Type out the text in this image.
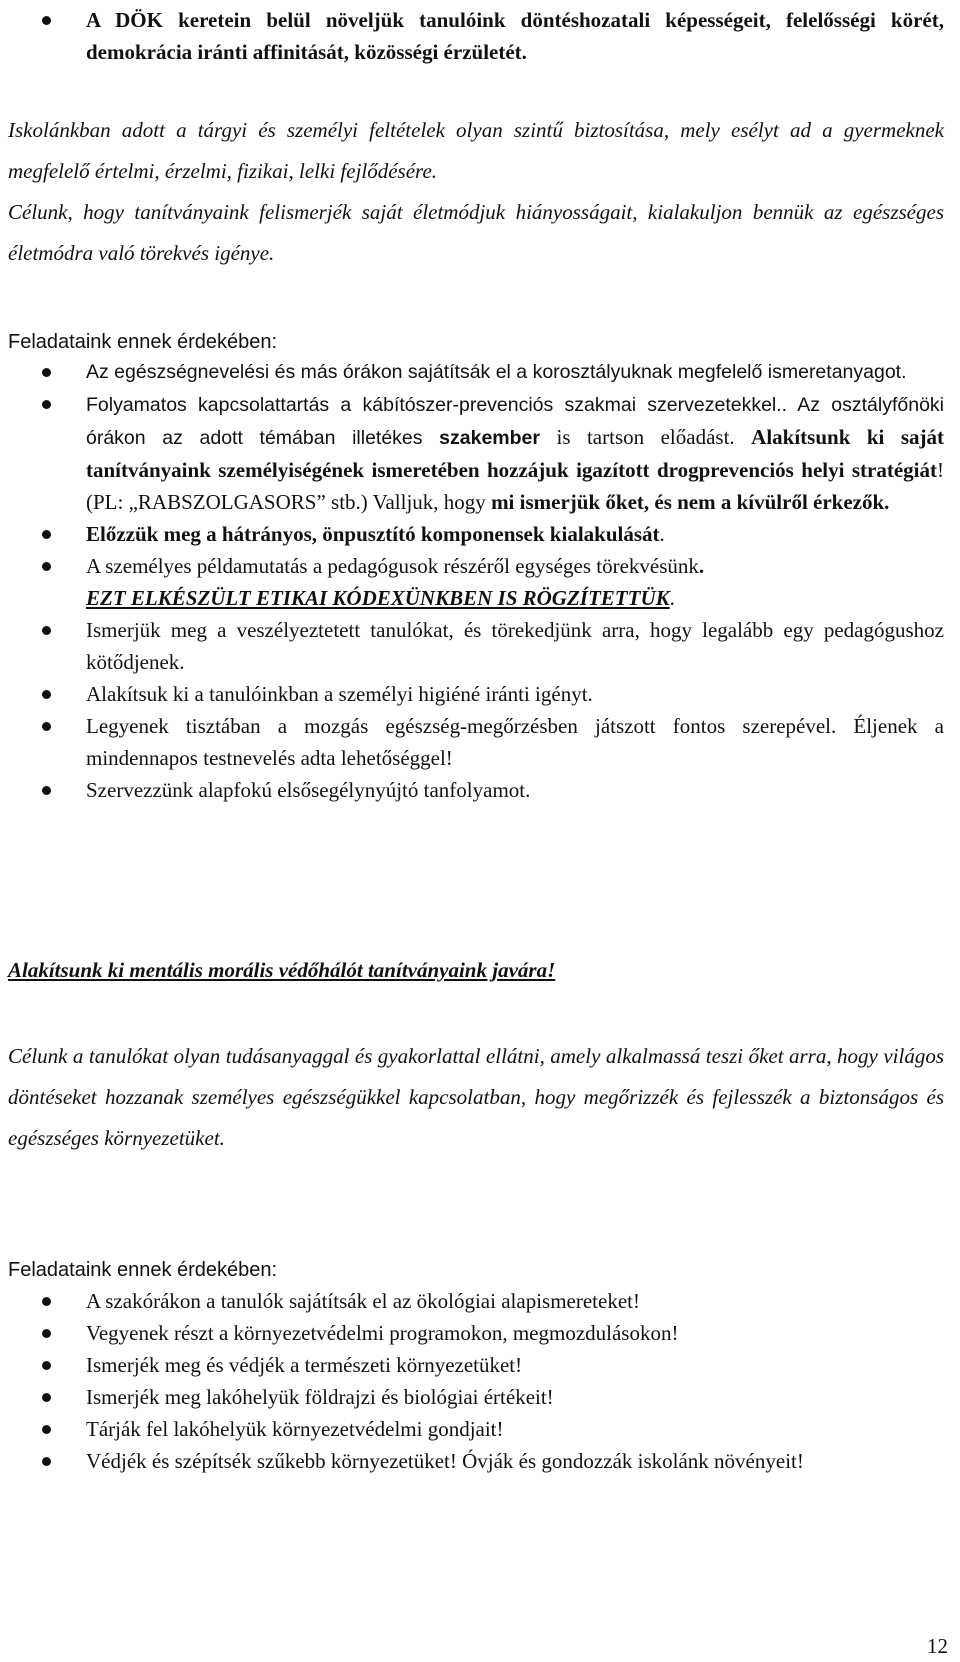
A DÖK keretein belül növeljük tanulóink döntéshozatali képességeit, felelősségi körét, demokrácia iránti affinitását, közösségi érzületét.

Iskolánkban adott a tárgyi és személyi feltételek olyan szintű biztosítása, mely esélyt ad a gyermeknek megfelelő értelmi, érzelmi, fizikai, lelki fejlődésére.

Célunk, hogy tanítványaink felismerjék saját életmódjuk hiányosságait, kialakuljon bennük az egészséges életmódra való törekvés igénye.

Feladataink ennek érdekében:

Az egészségnevelési és más órákon sajátítsák el a korosztályuknak megfelelő ismeretanyagot.
Folyamatos kapcsolattartás a kábítószer-prevenciós szakmai szervezetekkel.. Az osztályfőnöki órákon az adott témában illetékes szakember is tartson előadást. Alakítsunk ki saját tanítványaink személyiségének ismeretében hozzájuk igazított drogprevenciós helyi stratégiát! (PL: „RABSZOLGASORS” stb.) Valljuk, hogy mi ismerjük őket, és nem a kívülről érkezők.
Előzzük meg a hátrányos, önpusztító komponensek kialakulását.
A személyes példamutatás a pedagógusok részéről egységes törekvésünk.
EZT ELKÉSZÜLT ETIKAI KÓDEXÜNKBEN IS RÖGZÍTETTÜK.
Ismerjük meg a veszélyeztetett tanulókat, és törekedjünk arra, hogy legalább egy pedagógushoz kötődjenek.
Alakítsuk ki a tanulóinkban a személyi higiéné iránti igényt.
Legyenek tisztában a mozgás egészség-megőrzésben játszott fontos szerepével. Éljenek a mindennapos testnevelés adta lehetőséggel!
Szervezzünk alapfokú elsősegélynyújtó tanfolyamot.

Alakítsunk ki mentális morális védőhálót tanítványaink javára!

Célunk a tanulókat olyan tudásanyaggal és gyakorlattal ellátni, amely alkalmassá teszi őket arra, hogy világos döntéseket hozzanak személyes egészségükkel kapcsolatban, hogy megőrizzék és fejlesszék a biztonságos és egészséges környezetüket.

Feladataink ennek érdekében:

A szakórákon a tanulók sajátítsák el az ökológiai alapismereteket!
Vegyenek részt a környezetvédelmi programokon, megmozdulásokon!
Ismerjék meg és védjék a természeti környezetüket!
Ismerjék meg lakóhelyük földrajzi és biológiai értékeit!
Tárják fel lakóhelyük környezetvédelmi gondjait!
Védjék és szépítsék szűkebb környezetüket! Óvják és gondozzák iskolánk növényeit!
12
